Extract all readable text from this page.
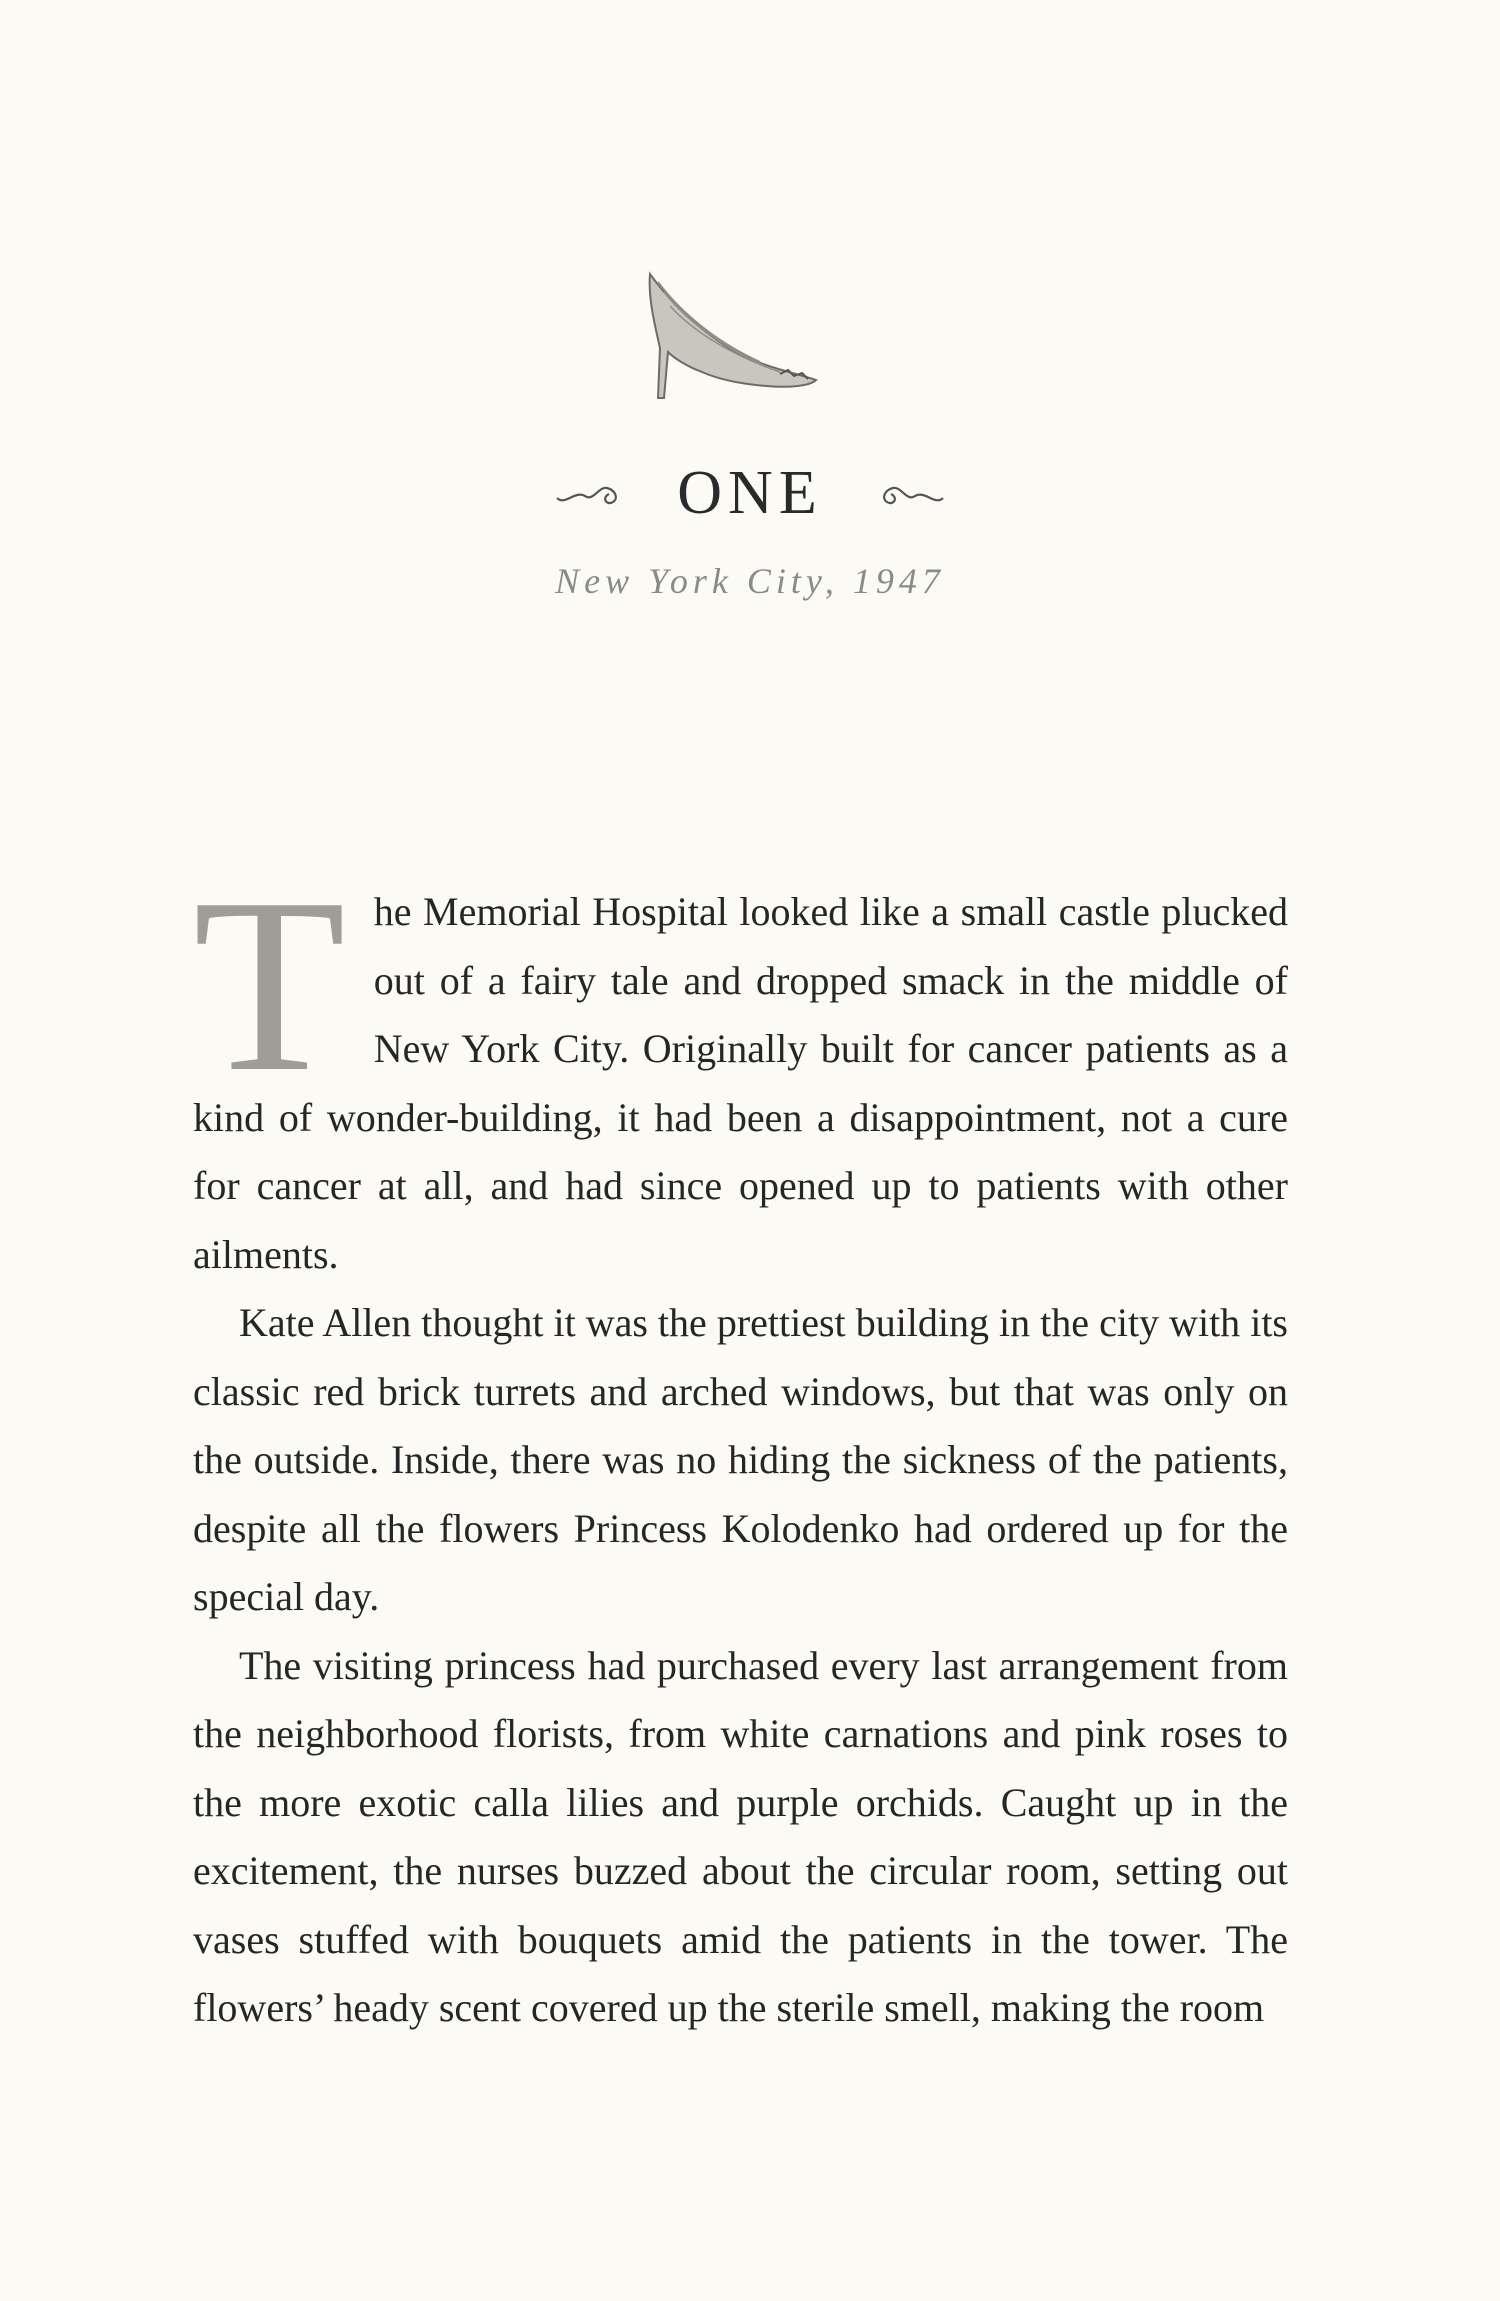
ONE
New York City, 1947

The Memorial Hospital looked like a small castle plucked out of a fairy tale and dropped smack in the middle of New York City. Originally built for cancer patients as a kind of wonder-building, it had been a disappointment, not a cure for cancer at all, and had since opened up to patients with other ailments.

Kate Allen thought it was the prettiest building in the city with its classic red brick turrets and arched windows, but that was only on the outside. Inside, there was no hiding the sickness of the patients, despite all the flowers Princess Kolodenko had ordered up for the special day.

The visiting princess had purchased every last arrangement from the neighborhood florists, from white carnations and pink roses to the more exotic calla lilies and purple orchids. Caught up in the excitement, the nurses buzzed about the circular room, setting out vases stuffed with bouquets amid the patients in the tower. The flowers’ heady scent covered up the sterile smell, making the room
